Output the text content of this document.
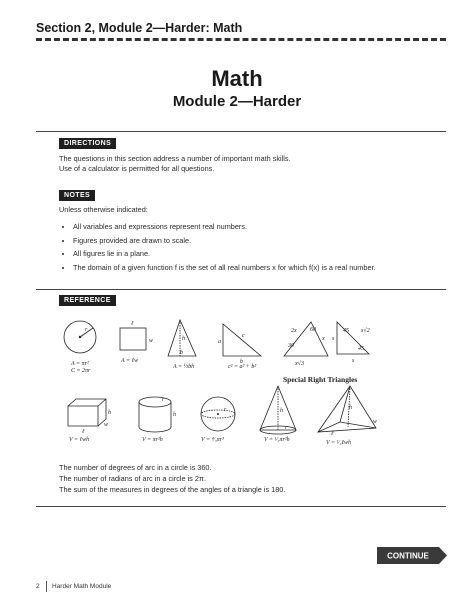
Section 2, Module 2—Harder: Math
Math
Module 2—Harder
DIRECTIONS
The questions in this section address a number of important math skills.
Use of a calculator is permitted for all questions.
NOTES
Unless otherwise indicated:
• All variables and expressions represent real numbers.
• Figures provided are drawn to scale.
• All figures lie in a plane.
• The domain of a given function f is the set of all real numbers x for which f(x) is a real number.
REFERENCE
r
A = πr²
C = 2πr
ℓ
w
A = ℓw
h
b
A = ½bh
c
a
b
c² = a² + b²
2x 60
x
30
x√3
s
45 s√2
45
s
h
w
ℓ
V = ℓwh
r
h
V = πr²h
r
V = ⁴⁄₃πr³
h
r
V = ¹⁄₃πr²h
h
w
ℓ
V = ¹⁄₃ℓwh
Special Right Triangles
The number of degrees of arc in a circle is 360.
The number of radians of arc in a circle is 2π.
The sum of the measures in degrees of the angles of a triangle is 180.
CONTINUE
2 Harder Math Module
